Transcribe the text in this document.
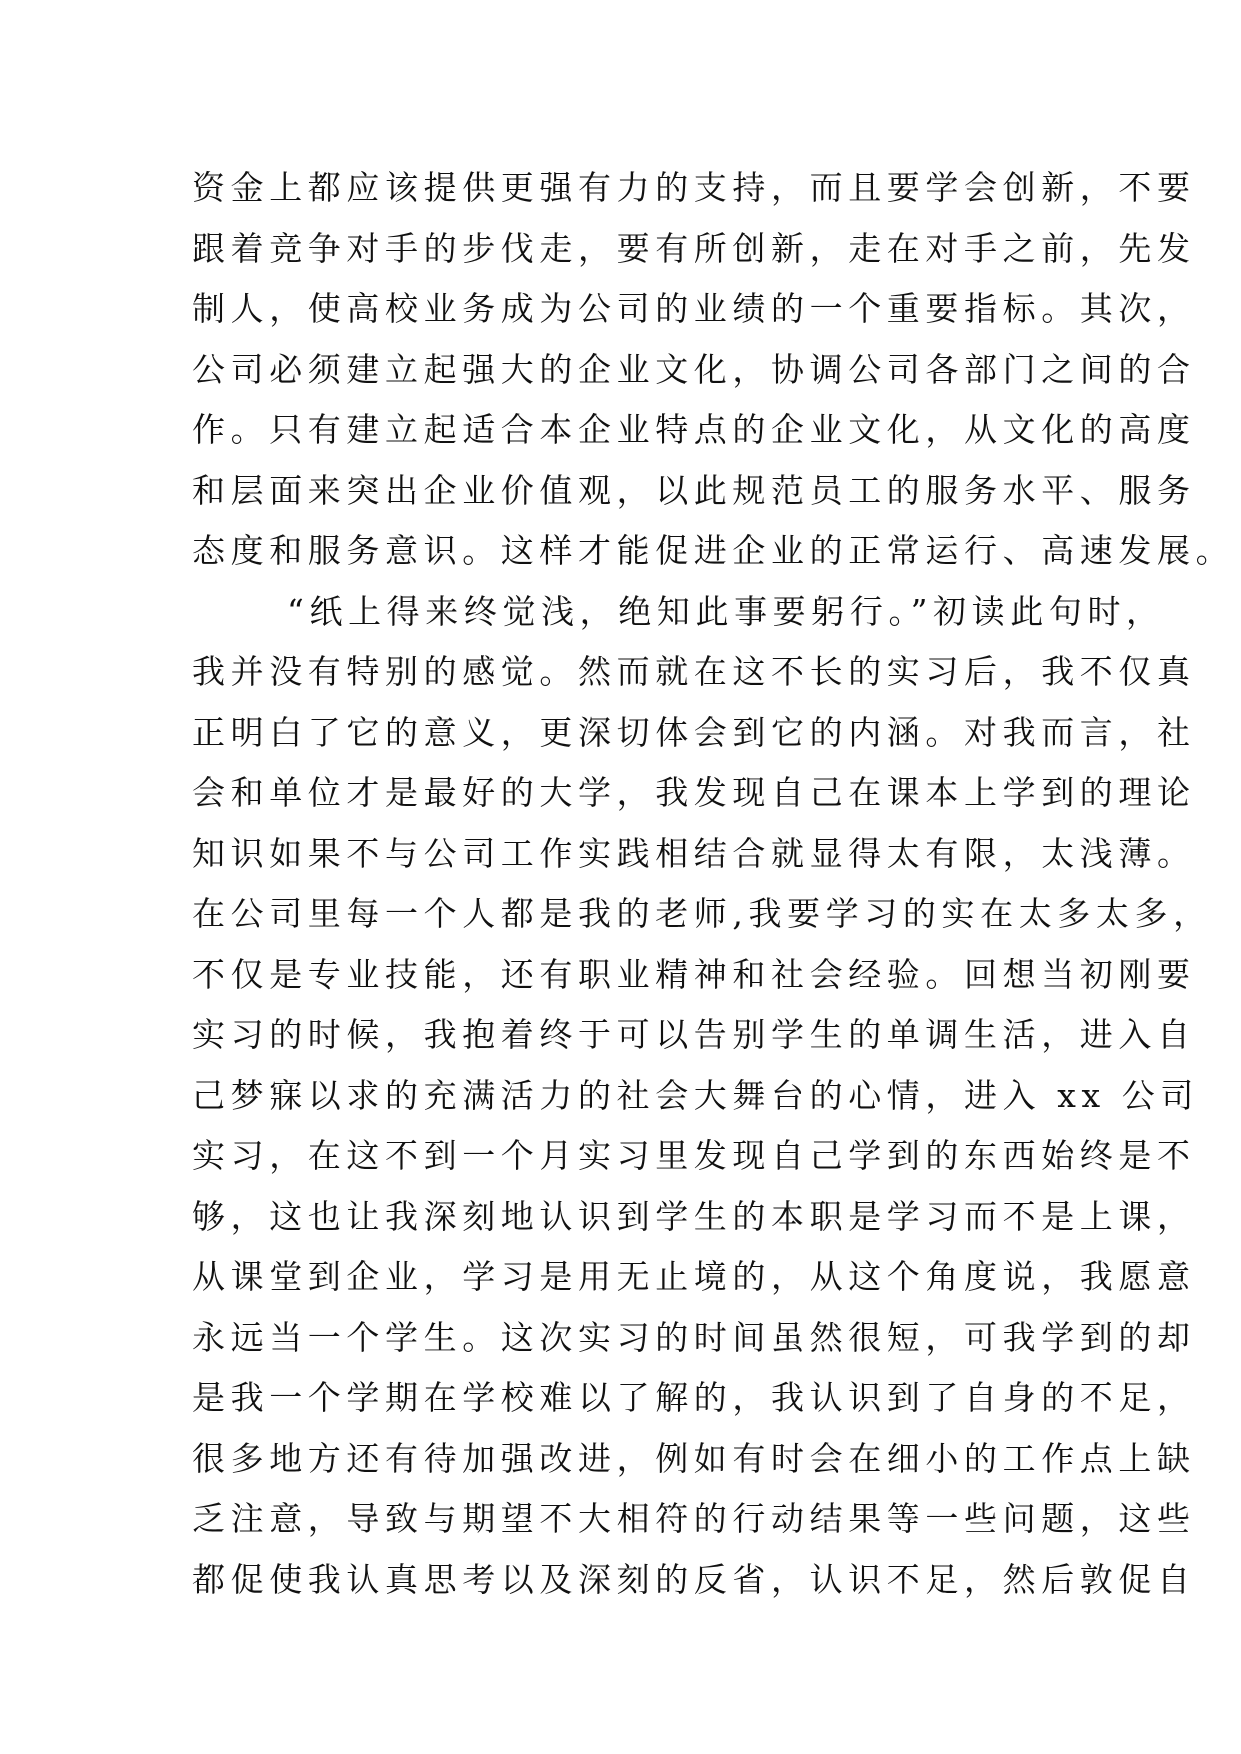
资金上都应该提供更强有力的支持，而且要学会创新，不要
跟着竞争对手的步伐走，要有所创新，走在对手之前，先发
制人，使高校业务成为公司的业绩的一个重要指标。其次，
公司必须建立起强大的企业文化，协调公司各部门之间的合
作。只有建立起适合本企业特点的企业文化，从文化的高度
和层面来突出企业价值观，以此规范员工的服务水平、服务
态度和服务意识。这样才能促进企业的正常运行、高速发展。
“纸上得来终觉浅，绝知此事要躬行。”初读此句时，
我并没有特别的感觉。然而就在这不长的实习后，我不仅真
正明白了它的意义，更深切体会到它的内涵。对我而言，社
会和单位才是最好的大学，我发现自己在课本上学到的理论
知识如果不与公司工作实践相结合就显得太有限，太浅薄。
在公司里每一个人都是我的老师,我要学习的实在太多太多，
不仅是专业技能，还有职业精神和社会经验。回想当初刚要
实习的时候，我抱着终于可以告别学生的单调生活，进入自
己梦寐以求的充满活力的社会大舞台的心情，进入 xx 公司
实习，在这不到一个月实习里发现自己学到的东西始终是不
够，这也让我深刻地认识到学生的本职是学习而不是上课，
从课堂到企业，学习是用无止境的，从这个角度说，我愿意
永远当一个学生。这次实习的时间虽然很短，可我学到的却
是我一个学期在学校难以了解的，我认识到了自身的不足，
很多地方还有待加强改进，例如有时会在细小的工作点上缺
乏注意，导致与期望不大相符的行动结果等一些问题，这些
都促使我认真思考以及深刻的反省，认识不足，然后敦促自
